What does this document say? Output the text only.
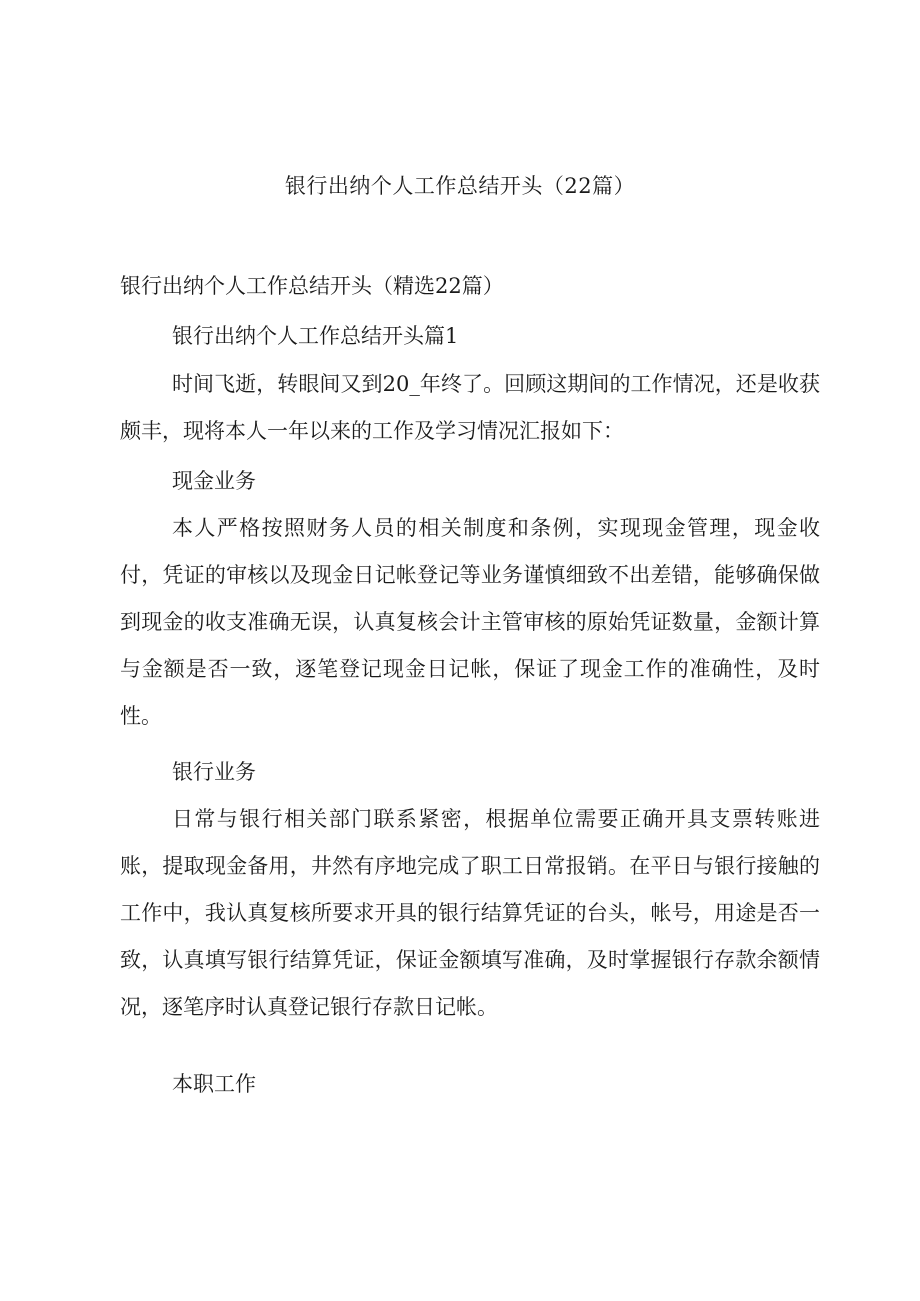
银行出纳个人工作总结开头（22篇）
银行出纳个人工作总结开头（精选22篇）
银行出纳个人工作总结开头篇1
时间飞逝，转眼间又到20_年终了。回顾这期间的工作情况，还是收获颇丰，现将本人一年以来的工作及学习情况汇报如下：
现金业务
本人严格按照财务人员的相关制度和条例，实现现金管理，现金收付，凭证的审核以及现金日记帐登记等业务谨慎细致不出差错，能够确保做到现金的收支准确无误，认真复核会计主管审核的原始凭证数量，金额计算与金额是否一致，逐笔登记现金日记帐，保证了现金工作的准确性，及时性。
银行业务
日常与银行相关部门联系紧密，根据单位需要正确开具支票转账进账，提取现金备用，井然有序地完成了职工日常报销。在平日与银行接触的工作中，我认真复核所要求开具的银行结算凭证的台头，帐号，用途是否一致，认真填写银行结算凭证，保证金额填写准确，及时掌握银行存款余额情况，逐笔序时认真登记银行存款日记帐。
本职工作
